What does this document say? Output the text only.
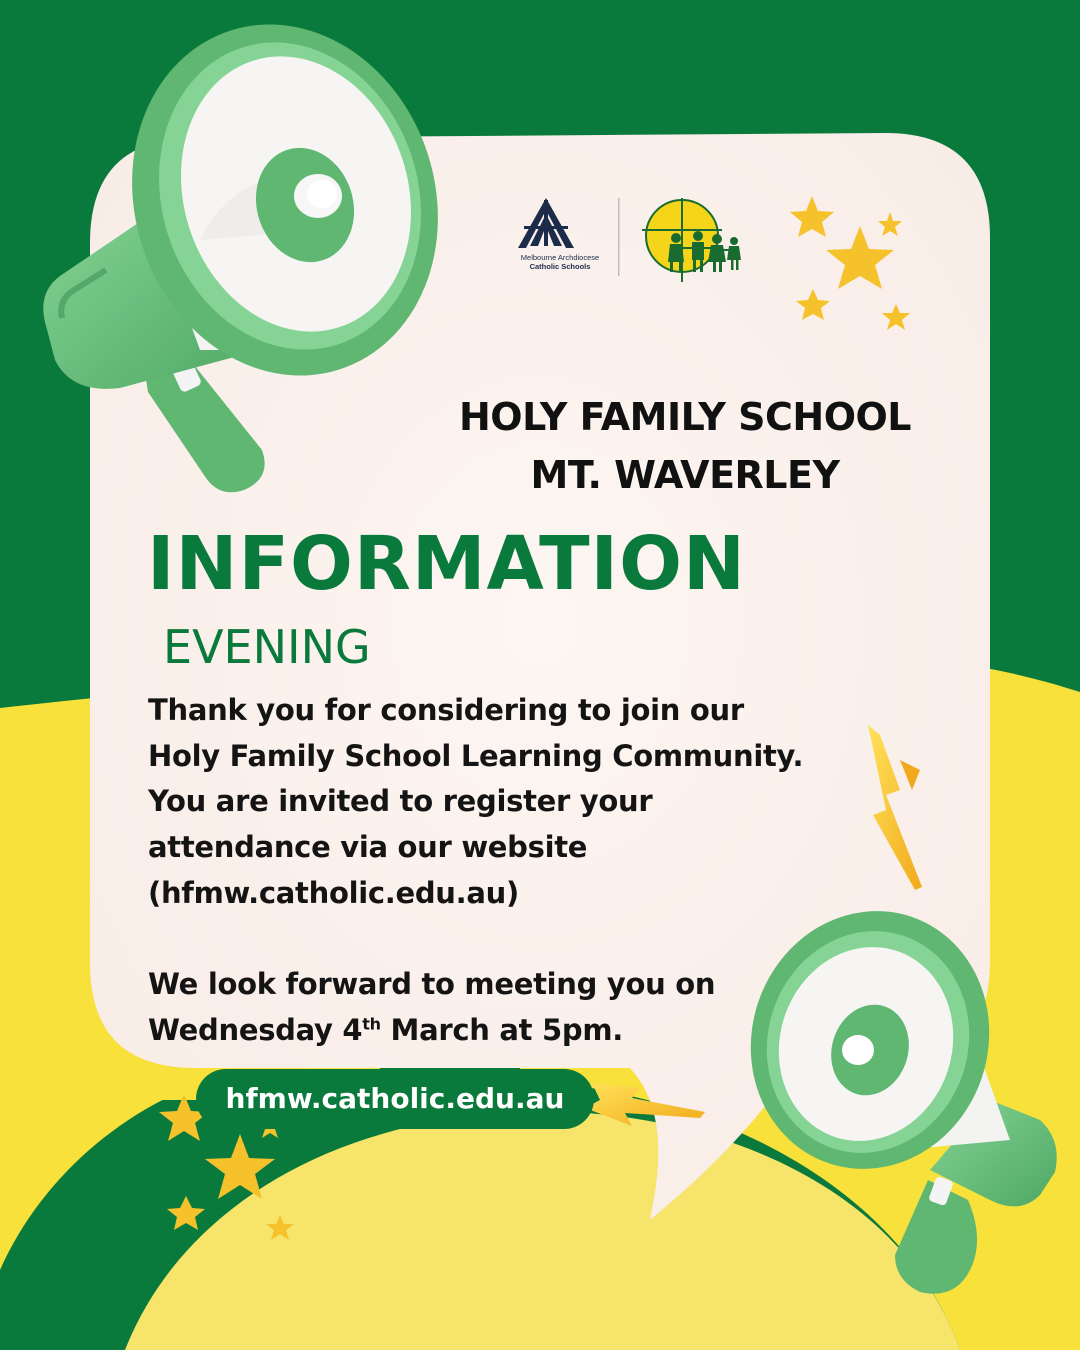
Melbourne Archdiocese
Catholic Schools
HOLY FAMILY SCHOOL
MT. WAVERLEY
INFORMATION
EVENING
Thank you for considering to join our
Holy Family School Learning Community.
You are invited to register your
attendance via our website
(hfmw.catholic.edu.au)
We look forward to meeting you on
Wednesday 4th March at 5pm.
hfmw.catholic.edu.au
